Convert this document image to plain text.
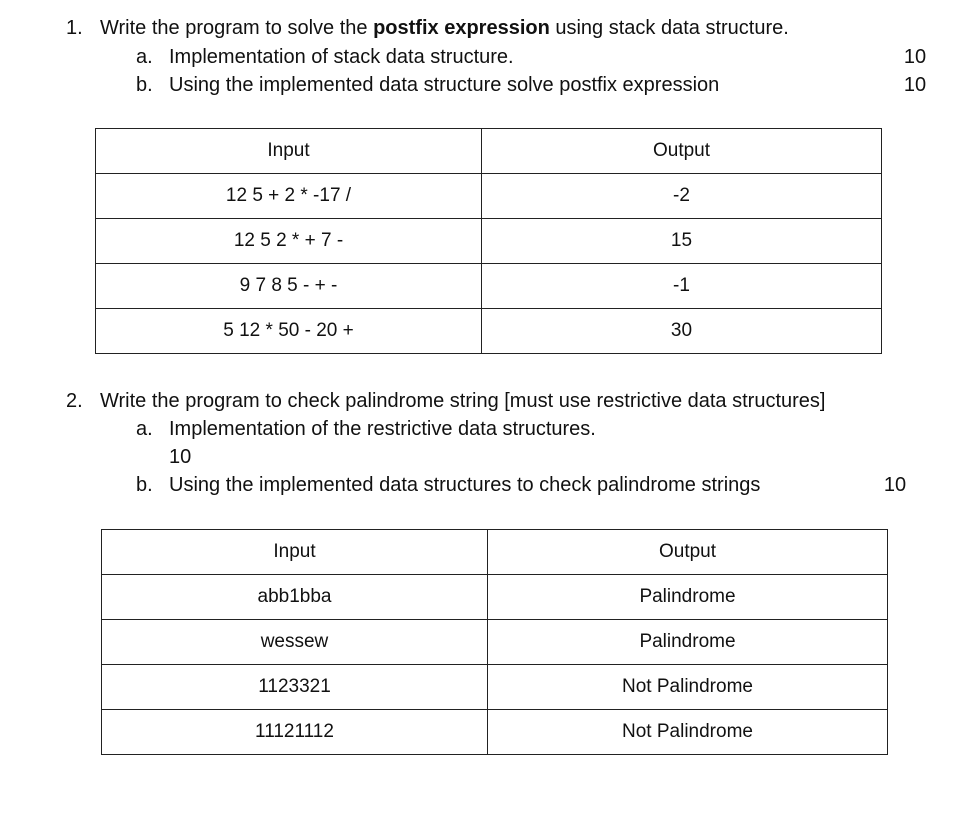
1. Write the program to solve the postfix expression using stack data structure.
a. Implementation of stack data structure.	10
b. Using the implemented data structure solve postfix expression	10
Input	Output
12 5 + 2 * -17 /	-2
12 5 2 * + 7 -	15
9 7 8 5 - + -	-1
5 12 * 50 - 20 +	30
2. Write the program to check palindrome string [must use restrictive data structures]
a. Implementation of the restrictive data structures.
10
b. Using the implemented data structures to check palindrome strings	10
Input	Output
abb1bba	Palindrome
wessew	Palindrome
1123321	Not Palindrome
11121112	Not Palindrome
